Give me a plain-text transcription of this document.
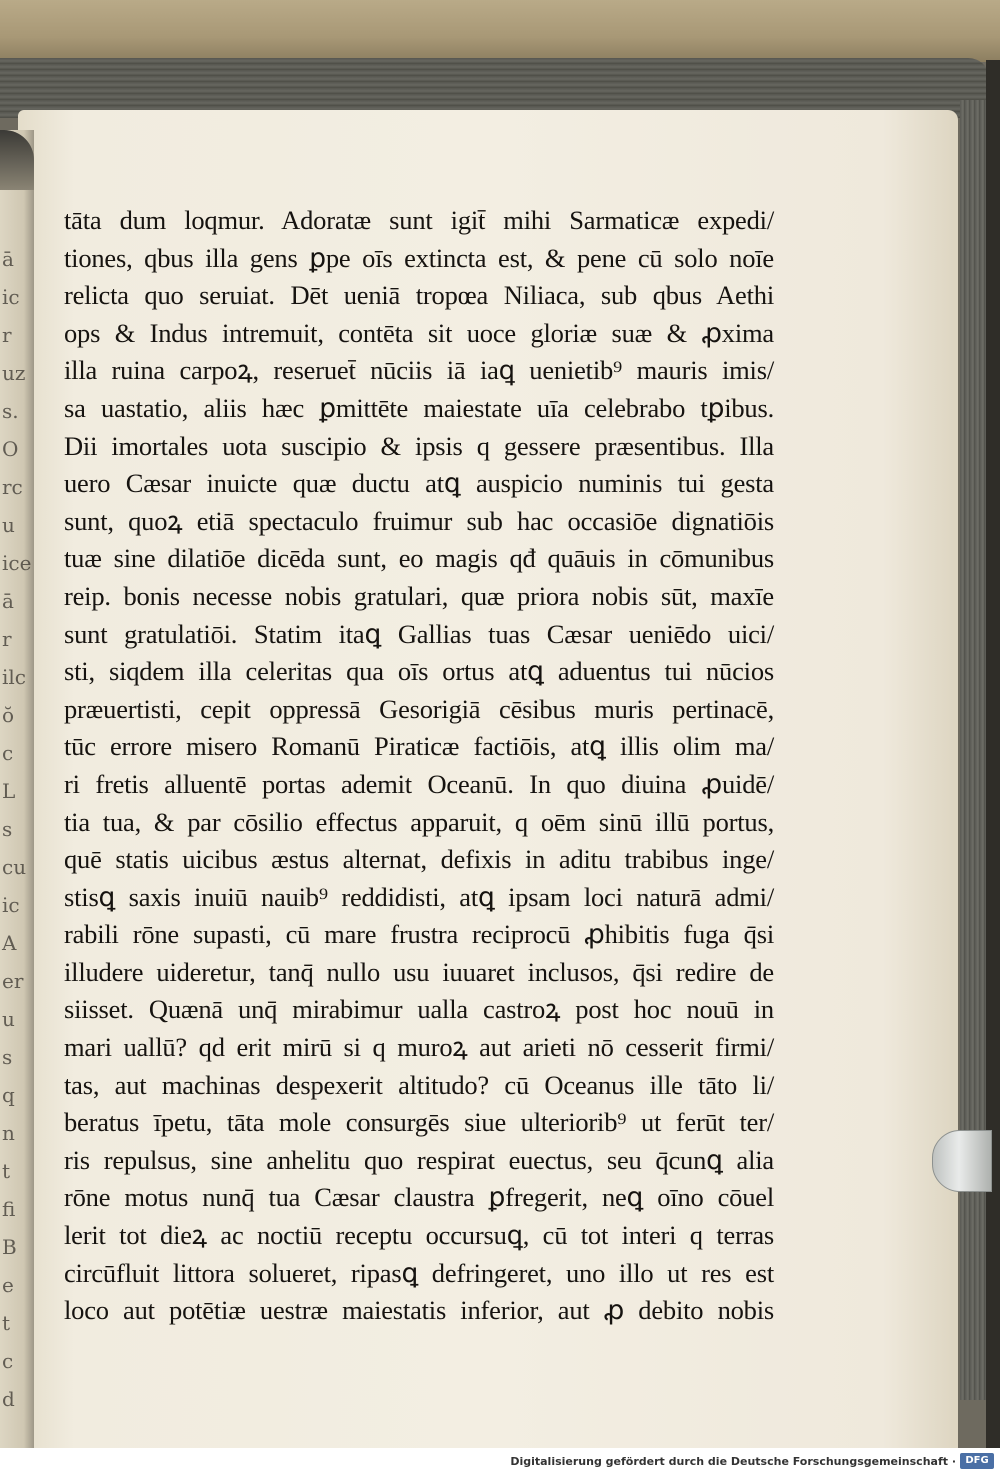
ā
ic
r
uz
s.
O
rc
u
ice
ā
r
ilc
ŏ
c
L
s
cu
ic
A
er
u
s
q
n
t
fi
B
e
t
c
d
tāta dum loqmur. Adoratæ sunt igit̄ mihi Sarmaticæ expedi/
tiones, qbus illa gens ꝑpe oīs extincta est, & pene cū solo noīe
relicta quo seruiat. Dēt ueniā tropœa Niliaca, sub qbus Aethi
ops & Indus intremuit, contēta sit uoce gloriæ suæ & ꝓxima
illa ruina carpoꝝ, reseruet̄ nūciis iā iaꝗ uenietib⁹ mauris imis/
sa uastatio, aliis hæc ꝑmittēte maiestate uīa celebrabo tꝑibus.
Dii imortales uota suscipio & ipsis q gessere præsentibus. Illa
uero Cæsar inuicte quæ ductu atꝗ auspicio numinis tui gesta
sunt, quoꝝ etiā spectaculo fruimur sub hac occasiōe dignatiōis
tuæ sine dilatiōe dicēda sunt, eo magis qđ quāuis in cōmunibus
reip. bonis necesse nobis gratulari, quæ priora nobis sūt, maxīe
sunt gratulatiōi. Statim itaꝗ Gallias tuas Cæsar ueniēdo uici/
sti, siqdem illa celeritas qua oīs ortus atꝗ aduentus tui nūcios
præuertisti, cepit oppressā Gesorigiā cēsibus muris pertinacē,
tūc errore misero Romanū Piraticæ factiōis, atꝗ illis olim ma/
ri fretis alluentē portas ademit Oceanū. In quo diuina ꝓuidē/
tia tua, & par cōsilio effectus apparuit, q oēm sinū illū portus,
quē statis uicibus æstus alternat, defixis in aditu trabibus inge/
stisꝗ saxis inuiū nauib⁹ reddidisti, atꝗ ipsam loci naturā admi/
rabili rōne supasti, cū mare frustra reciprocū ꝓhibitis fuga q̄si
illudere uideretur, tanq̄ nullo usu iuuaret inclusos, q̄si redire de
siisset. Quænā unq̄ mirabimur ualla castroꝝ post hoc nouū in
mari uallū? qd erit mirū si q muroꝝ aut arieti nō cesserit firmi/
tas, aut machinas despexerit altitudo? cū Oceanus ille tāto li/
beratus īpetu, tāta mole consurgēs siue ulteriorib⁹ ut ferūt ter/
ris repulsus, sine anhelitu quo respirat euectus, seu q̄cunꝗ alia
rōne motus nunq̄ tua Cæsar claustra ꝑfregerit, neꝗ oīno cōuel
lerit tot dieꝝ ac noctiū receptu occursuꝗ, cū tot interi q terras
circūfluit littora solueret, ripasꝗ defringeret, uno illo ut res est
loco aut potētiæ uestræ maiestatis inferior, aut ꝓ debito nobis
Digitalisierung gefördert durch die Deutsche Forschungsgemeinschaft · DFG
